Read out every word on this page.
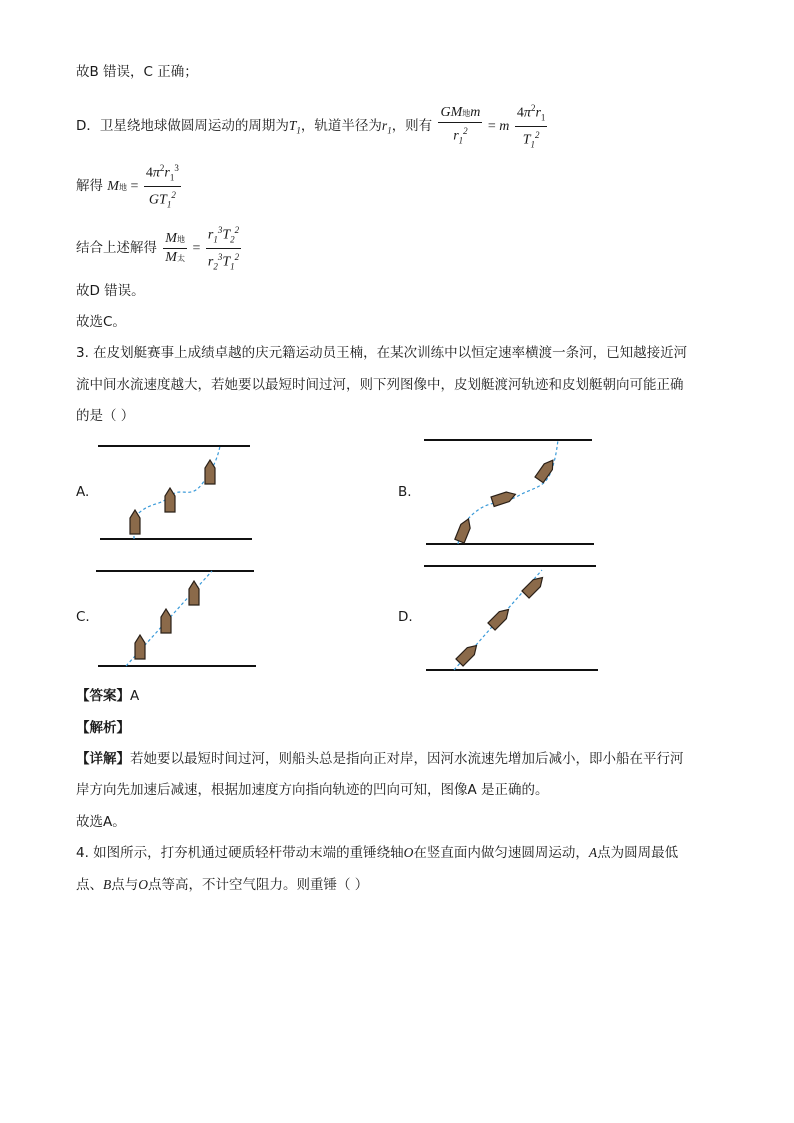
故B 错误，C 正确；
D．卫星绕地球做圆周运动的周期为$T_1$，轨道半径为$r_1$，则有 $\frac{\text{GM地m}}{r_1^2} = m \frac{4\pi^2r_1}{T_1^2}$
解得 M地 = $\frac{4\pi^2r_1^3}{GT_1^2}$
结合上述解得 $\frac{\text{M地}}{\text{M太}} = \frac{r_1^3T_2^2}{r_2^3T_1^2}$
故D 错误。
故选C。
3. 在皮划艇赛事上成绩卓越的庆元籍运动员王楠，在某次训练中以恒定速率横渡一条河，已知越接近河
流中间水流速度越大，若她要以最短时间过河，则下列图像中，皮划艇渡河轨迹和皮划艇朝向可能正确
的是（ ）
A.	B.
C.	D.
【答案】A
【解析】
【详解】若她要以最短时间过河，则船头总是指向正对岸，因河水流速先增加后减小，即小船在平行河
岸方向先加速后减速，根据加速度方向指向轨迹的凹向可知，图像A 是正确的。
故选A。
4. 如图所示，打夯机通过硬质轻杆带动末端的重锤绕轴O在竖直面内做匀速圆周运动，A点为圆周最低
点、B点与O点等高，不计空气阻力。则重锤（ ）
